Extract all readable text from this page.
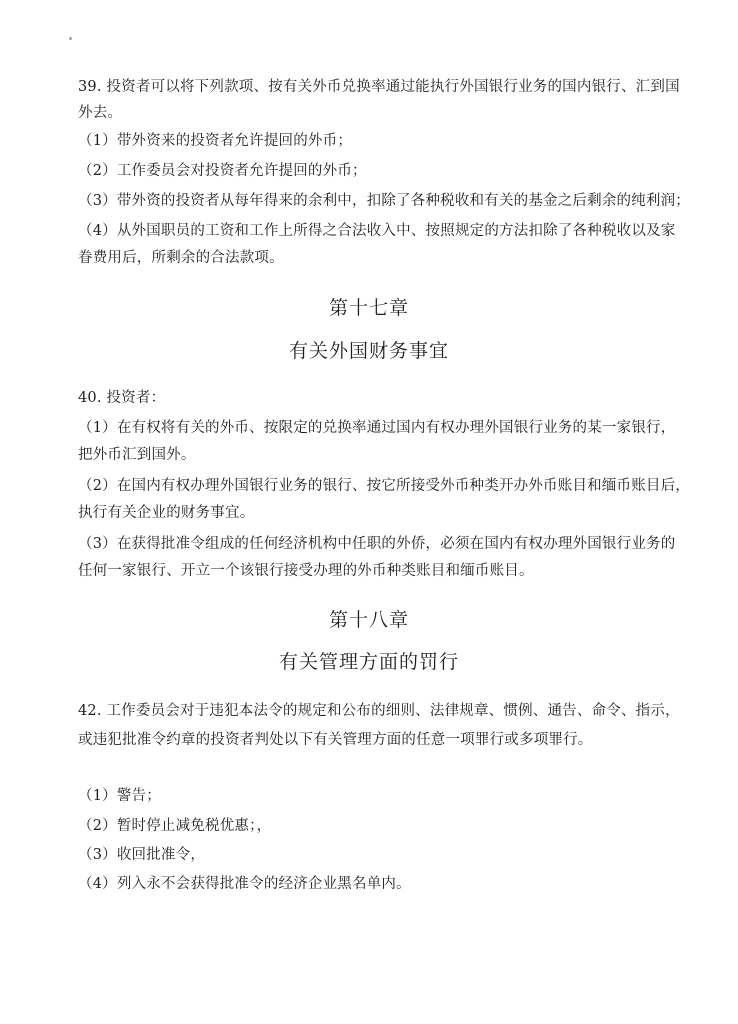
39. 投资者可以将下列款项、按有关外币兑换率通过能执行外国银行业务的国内银行、汇到国
外去。
（1）带外资来的投资者允许提回的外币；
（2）工作委员会对投资者允许提回的外币；
（3）带外资的投资者从每年得来的余利中，扣除了各种税收和有关的基金之后剩余的纯利润；
（4）从外国职员的工资和工作上所得之合法收入中、按照规定的方法扣除了各种税收以及家
眷费用后，所剩余的合法款项。
第十七章
有关外国财务事宜
40. 投资者：
（1）在有权将有关的外币、按限定的兑换率通过国内有权办理外国银行业务的某一家银行，
把外币汇到国外。
（2）在国内有权办理外国银行业务的银行、按它所接受外币种类开办外币账目和缅币账目后，
执行有关企业的财务事宜。
（3）在获得批准令组成的任何经济机构中任职的外侨，必须在国内有权办理外国银行业务的
任何一家银行、开立一个该银行接受办理的外币种类账目和缅币账目。
第十八章
有关管理方面的罚行
42. 工作委员会对于违犯本法令的规定和公布的细则、法律规章、惯例、通告、命令、指示，
或违犯批准令约章的投资者判处以下有关管理方面的任意一项罪行或多项罪行。
（1）警告；
（2）暂时停止减免税优惠；，
（3）收回批准令，
（4）列入永不会获得批准令的经济企业黑名单内。
